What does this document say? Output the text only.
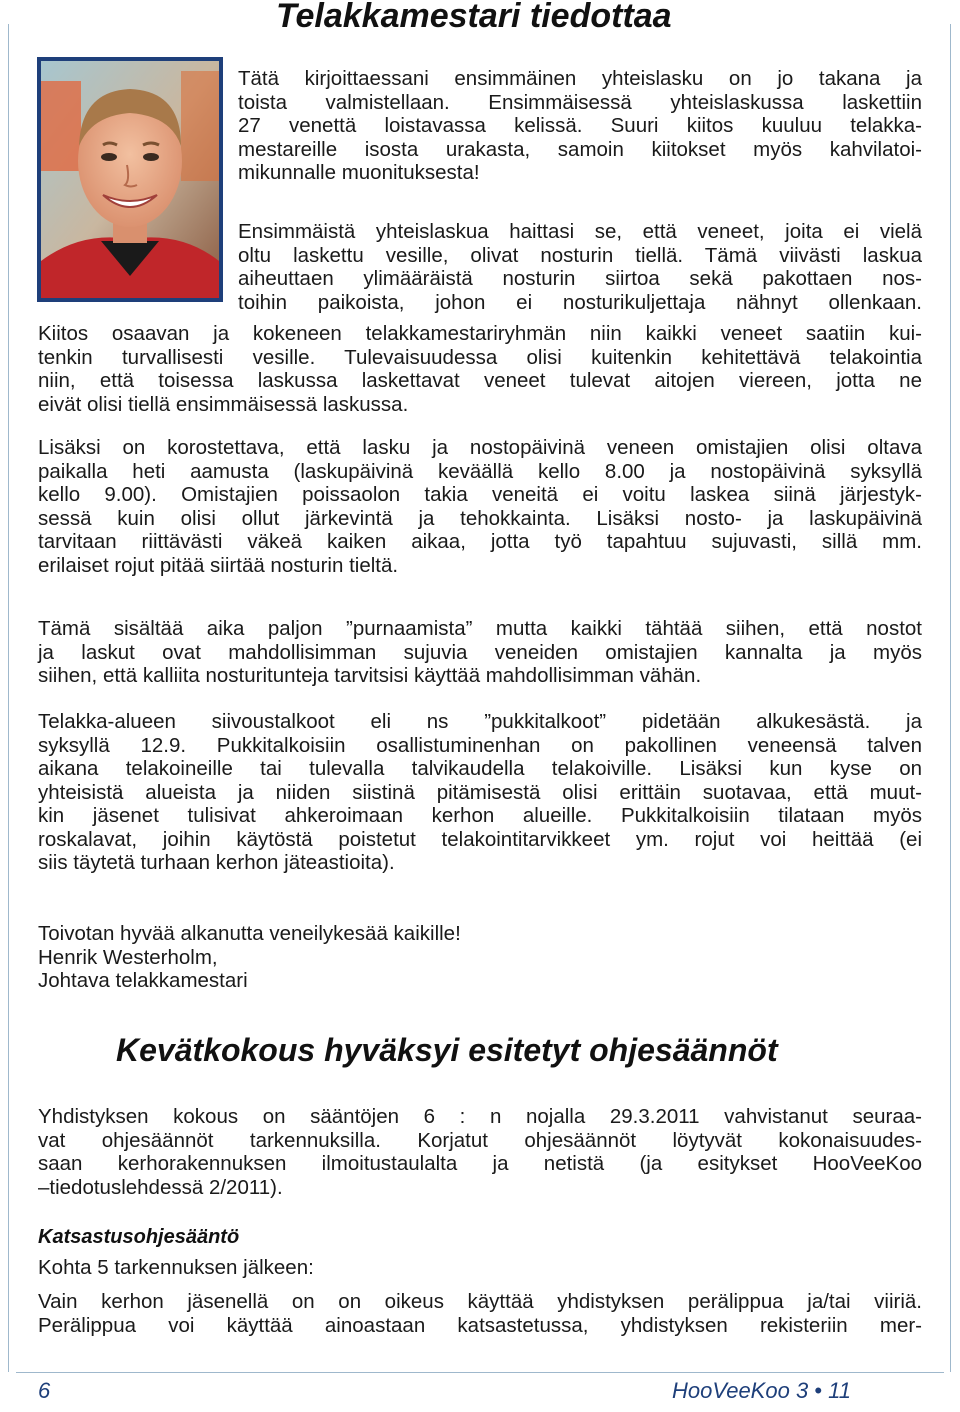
Telakkamestari tiedottaa

Tätä kirjoittaessani ensimmäinen yhteislasku on jo takana ja
toista valmistellaan. Ensimmäisessä yhteislaskussa laskettiin
27 venettä loistavassa kelissä. Suuri kiitos kuuluu telakka-
mestareille isosta urakasta, samoin kiitokset myös kahvilatoi-
mikunnalle muonituksesta!

Ensimmäistä yhteislaskua haittasi se, että veneet, joita ei vielä
oltu laskettu vesille, olivat nosturin tiellä. Tämä viivästi laskua
aiheuttaen ylimääräistä nosturin siirtoa sekä pakottaen nos-
toihin paikoista, johon ei nosturikuljettaja nähnyt ollenkaan.

Kiitos osaavan ja kokeneen telakkamestariryhmän niin kaikki veneet saatiin kui-
tenkin turvallisesti vesille. Tulevaisuudessa olisi kuitenkin kehitettävä telakointia
niin, että toisessa laskussa laskettavat veneet tulevat aitojen viereen, jotta ne
eivät olisi tiellä ensimmäisessä laskussa.

Lisäksi on korostettava, että lasku ja nostopäivinä veneen omistajien olisi oltava
paikalla heti aamusta (laskupäivinä keväällä kello 8.00 ja nostopäivinä syksyllä
kello 9.00). Omistajien poissaolon takia veneitä ei voitu laskea siinä järjestyk-
sessä kuin olisi ollut järkevintä ja tehokkainta. Lisäksi nosto- ja laskupäivinä
tarvitaan riittävästi väkeä kaiken aikaa, jotta työ tapahtuu sujuvasti, sillä mm.
erilaiset rojut pitää siirtää nosturin tieltä.

Tämä sisältää aika paljon ”purnaamista” mutta kaikki tähtää siihen, että nostot
ja laskut ovat mahdollisimman sujuvia veneiden omistajien kannalta ja myös
siihen, että kalliita nosturitunteja tarvitsisi käyttää mahdollisimman vähän.

Telakka-alueen siivoustalkoot eli ns ”pukkitalkoot” pidetään alkukesästä. ja
syksyllä 12.9. Pukkitalkoisiin osallistuminenhan on pakollinen veneensä talven
aikana telakoineille tai tulevalla talvikaudella telakoiville. Lisäksi kun kyse on
yhteisistä alueista ja niiden siistinä pitämisestä olisi erittäin suotavaa, että muut-
kin jäsenet tulisivat ahkeroimaan kerhon alueille. Pukkitalkoisiin tilataan myös
roskalavat, joihin käytöstä poistetut telakointitarvikkeet ym. rojut voi heittää (ei
siis täytetä turhaan kerhon jäteastioita).

Toivotan hyvää alkanutta veneilykesää kaikille!
Henrik Westerholm,
Johtava telakkamestari

Kevätkokous hyväksyi esitetyt ohjesäännöt

Yhdistyksen kokous on sääntöjen 6 : n nojalla 29.3.2011 vahvistanut seuraa-
vat ohjesäännöt tarkennuksilla. Korjatut ohjesäännöt löytyvät kokonaisuudes-
saan kerhorakennuksen ilmoitustaulalta ja netistä (ja esitykset HooVeeKoo
–tiedotuslehdessä 2/2011).

Katsastusohjesääntö

Kohta 5 tarkennuksen jälkeen:

Vain kerhon jäsenellä on on oikeus käyttää yhdistyksen perälippua ja/tai viiriä.
Perälippua voi käyttää ainoastaan katsastetussa, yhdistyksen rekisteriin mer-

6	HooVeeKoo 3 • 11
